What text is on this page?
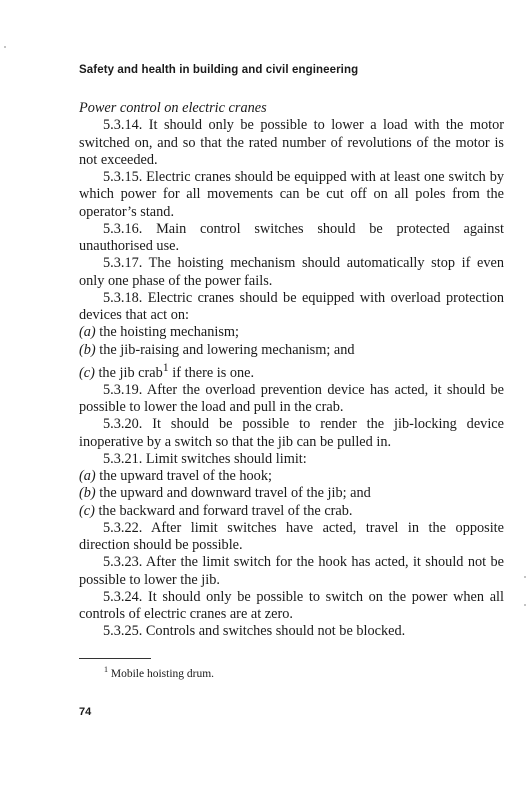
Safety and health in building and civil engineering

Power control on electric cranes

5.3.14. It should only be possible to lower a load with the motor switched on, and so that the rated number of revolutions of the motor is not exceeded.

5.3.15. Electric cranes should be equipped with at least one switch by which power for all movements can be cut off on all poles from the operator’s stand.

5.3.16. Main control switches should be protected against unauthorised use.

5.3.17. The hoisting mechanism should automatically stop if even only one phase of the power fails.

5.3.18. Electric cranes should be equipped with overload protection devices that act on:

(a) the hoisting mechanism;

(b) the jib-raising and lowering mechanism; and

(c) the jib crab$^1$ if there is one.

5.3.19. After the overload prevention device has acted, it should be possible to lower the load and pull in the crab.

5.3.20. It should be possible to render the jib-locking device inoperative by a switch so that the jib can be pulled in.

5.3.21. Limit switches should limit:

(a) the upward travel of the hook;

(b) the upward and downward travel of the jib; and

(c) the backward and forward travel of the crab.

5.3.22. After limit switches have acted, travel in the opposite direction should be possible.

5.3.23. After the limit switch for the hook has acted, it should not be possible to lower the jib.

5.3.24. It should only be possible to switch on the power when all controls of electric cranes are at zero.

5.3.25. Controls and switches should not be blocked.

$^1$ Mobile hoisting drum.
74
